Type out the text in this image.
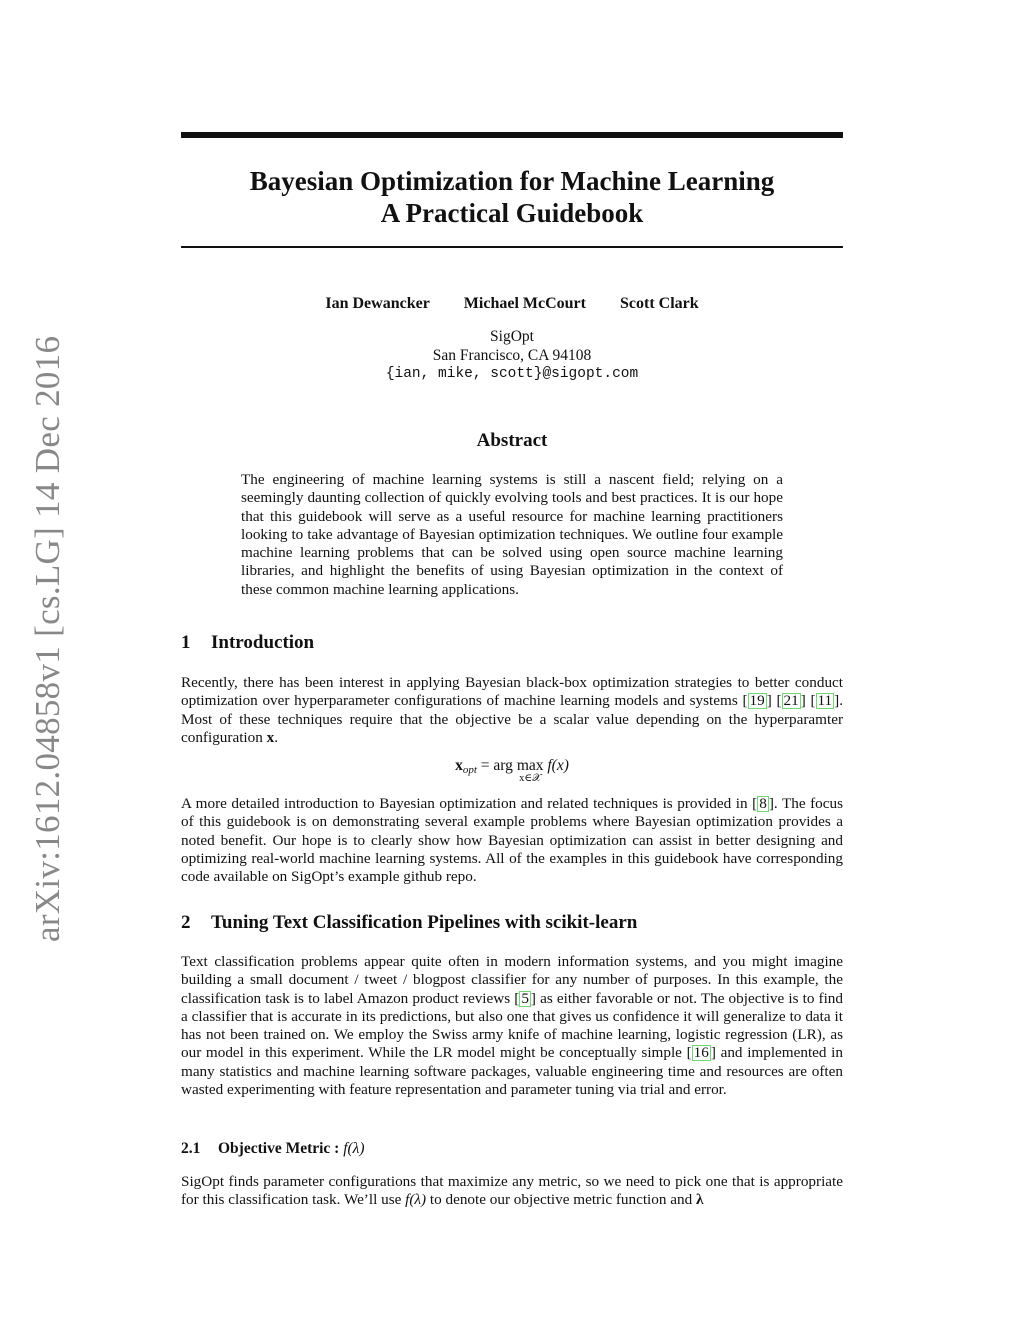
arXiv:1612.04858v1 [cs.LG] 14 Dec 2016
Bayesian Optimization for Machine Learning
A Practical Guidebook
Ian Dewancker Michael McCourt Scott Clark
SigOpt
San Francisco, CA 94108
{ian, mike, scott}@sigopt.com
Abstract
The engineering of machine learning systems is still a nascent field; relying on a seemingly daunting collection of quickly evolving tools and best practices. It is our hope that this guidebook will serve as a useful resource for machine learning practitioners looking to take advantage of Bayesian optimization techniques. We outline four example machine learning problems that can be solved using open source machine learning libraries, and highlight the benefits of using Bayesian optimization in the context of these common machine learning applications.
1 Introduction
Recently, there has been interest in applying Bayesian black-box optimization strategies to better conduct optimization over hyperparameter configurations of machine learning models and systems [ 19 ] [ 21 ] [ 11 ]. Most of these techniques require that the objective be a scalar value depending on the hyperparamter configuration x.
$x_{opt}$ = arg max
x∈𝒳
f(x)
A more detailed introduction to Bayesian optimization and related techniques is provided in [ 8 ]. The focus of this guidebook is on demonstrating several example problems where Bayesian optimization provides a noted benefit. Our hope is to clearly show how Bayesian optimization can assist in better designing and optimizing real-world machine learning systems. All of the examples in this guidebook have corresponding code available on SigOpt’s example github repo.
2 Tuning Text Classification Pipelines with scikit-learn
Text classification problems appear quite often in modern information systems, and you might imagine building a small document / tweet / blogpost classifier for any number of purposes. In this example, the classification task is to label Amazon product reviews [ 5 ] as either favorable or not. The objective is to find a classifier that is accurate in its predictions, but also one that gives us confidence it will generalize to data it has not been trained on. We employ the Swiss army knife of machine learning, logistic regression (LR), as our model in this experiment. While the LR model might be conceptually simple [ 16 ] and implemented in many statistics and machine learning software packages, valuable engineering time and resources are often wasted experimenting with feature representation and parameter tuning via trial and error.
2.1 Objective Metric : f(λ)
SigOpt finds parameter configurations that maximize any metric, so we need to pick one that is appropriate for this classification task. We’ll use f(λ) to denote our objective metric function and λ
